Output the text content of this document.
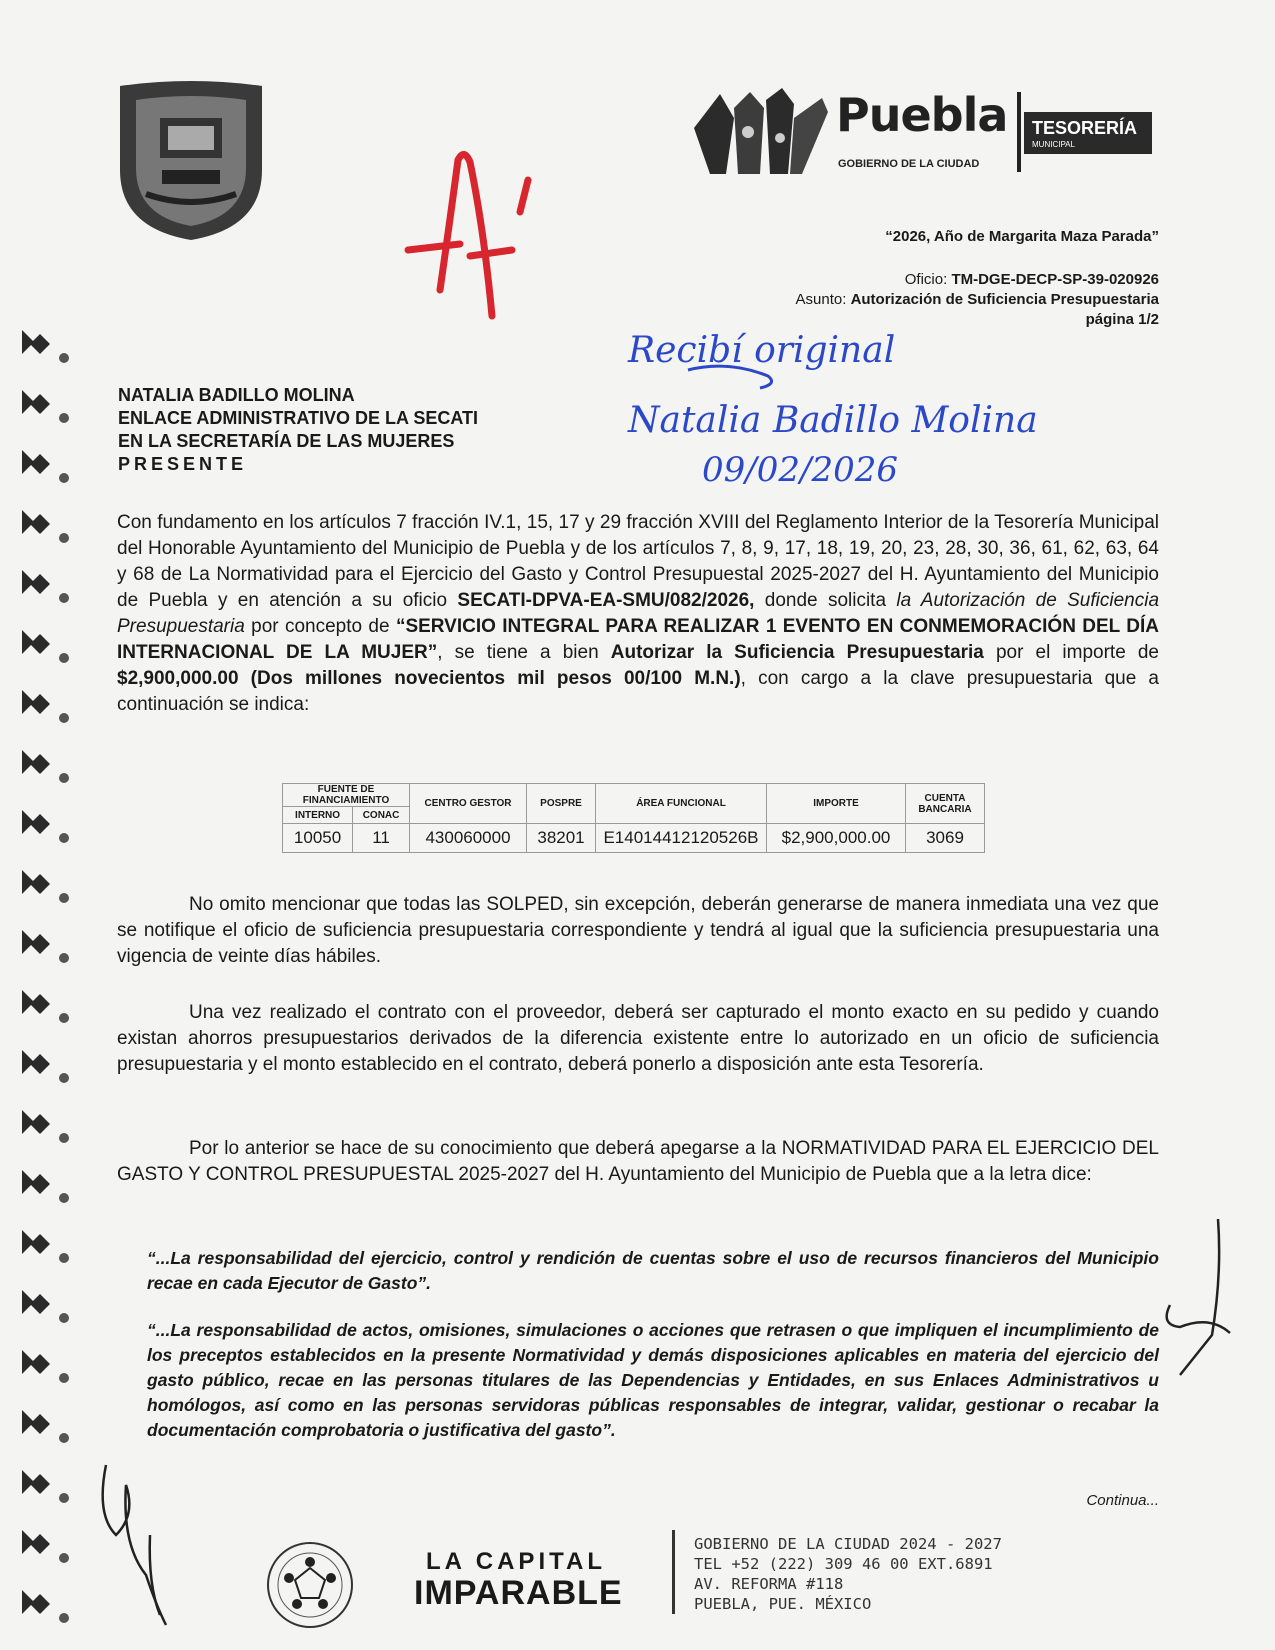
Puebla
GOBIERNO DE LA CIUDAD
TESORERÍA
MUNICIPAL
“2026, Año de Margarita Maza Parada”
Oficio: TM-DGE-DECP-SP-39-020926
Asunto: Autorización de Suficiencia Presupuestaria
página 1/2
Recibí original
Natalia Badillo Molina
09/02/2026
NATALIA BADILLO MOLINA
ENLACE ADMINISTRATIVO DE LA SECATI
EN LA SECRETARÍA DE LAS MUJERES
PRESENTE
Con fundamento en los artículos 7 fracción IV.1, 15, 17 y 29 fracción XVIII del Reglamento Interior de la Tesorería Municipal del Honorable Ayuntamiento del Municipio de Puebla y de los artículos 7, 8, 9, 17, 18, 19, 20, 23, 28, 30, 36, 61, 62, 63, 64 y 68 de La Normatividad para el Ejercicio del Gasto y Control Presupuestal 2025-2027 del H. Ayuntamiento del Municipio de Puebla y en atención a su oficio SECATI-DPVA-EA-SMU/082/2026, donde solicita la Autorización de Suficiencia Presupuestaria por concepto de “SERVICIO INTEGRAL PARA REALIZAR 1 EVENTO EN CONMEMORACIÓN DEL DÍA INTERNACIONAL DE LA MUJER”, se tiene a bien Autorizar la Suficiencia Presupuestaria por el importe de $2,900,000.00 (Dos millones novecientos mil pesos 00/100 M.N.), con cargo a la clave presupuestaria que a continuación se indica:
FUENTE DE FINANCIAMIENTO		CENTRO GESTOR	POSPRE	ÁREA FUNCIONAL	IMPORTE	CUENTA BANCARIA
INTERNO	CONAC					
10050	11	430060000	38201	E14014412120526B	$2,900,000.00	3069
No omito mencionar que todas las SOLPED, sin excepción, deberán generarse de manera inmediata una vez que se notifique el oficio de suficiencia presupuestaria correspondiente y tendrá al igual que la suficiencia presupuestaria una vigencia de veinte días hábiles.
Una vez realizado el contrato con el proveedor, deberá ser capturado el monto exacto en su pedido y cuando existan ahorros presupuestarios derivados de la diferencia existente entre lo autorizado en un oficio de suficiencia presupuestaria y el monto establecido en el contrato, deberá ponerlo a disposición ante esta Tesorería.
Por lo anterior se hace de su conocimiento que deberá apegarse a la NORMATIVIDAD PARA EL EJERCICIO DEL GASTO Y CONTROL PRESUPUESTAL 2025-2027 del H. Ayuntamiento del Municipio de Puebla que a la letra dice:
“...La responsabilidad del ejercicio, control y rendición de cuentas sobre el uso de recursos financieros del Municipio recae en cada Ejecutor de Gasto”.
“...La responsabilidad de actos, omisiones, simulaciones o acciones que retrasen o que impliquen el incumplimiento de los preceptos establecidos en la presente Normatividad y demás disposiciones aplicables en materia del ejercicio del gasto público, recae en las personas titulares de las Dependencias y Entidades, en sus Enlaces Administrativos u homólogos, así como en las personas servidoras públicas responsables de integrar, validar, gestionar o recabar la documentación comprobatoria o justificativa del gasto”.
Continua...
LA CAPITAL
IMPARABLE
GOBIERNO DE LA CIUDAD 2024 - 2027
TEL +52 (222) 309 46 00 EXT.6891
AV. REFORMA #118
PUEBLA, PUE. MÉXICO
